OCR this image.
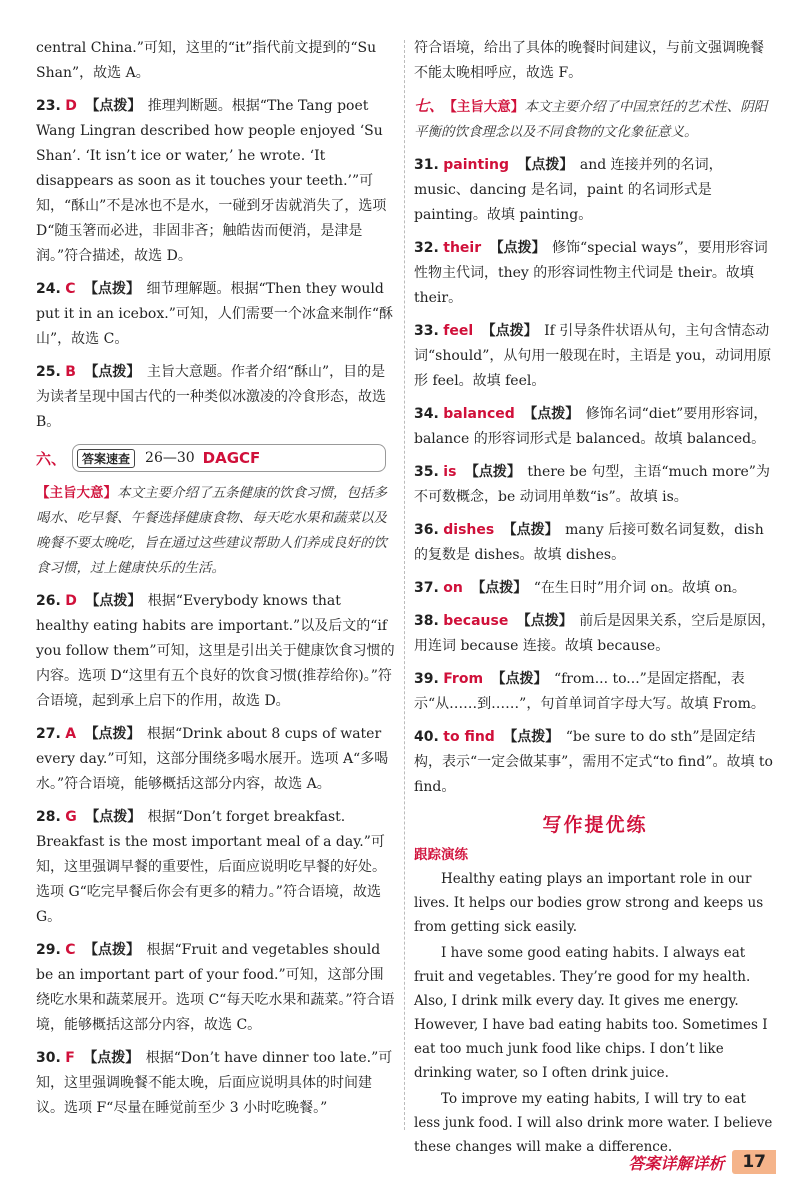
central China.”可知，这里的“it”指代前文提到的“Su Shan”，故选 A。

23. D 【点拨】 推理判断题。根据“The Tang poet Wang Lingran described how people enjoyed ‘Su Shan’. ‘It isn’t ice or water,’ he wrote. ‘It disappears as soon as it touches your teeth.’”可知，“酥山”不是冰也不是水，一碰到牙齿就消失了，选项 D“随玉箸而必进，非固非吝；触皓齿而便消，是津是润。”符合描述，故选 D。
24. C 【点拨】 细节理解题。根据“Then they would put it in an icebox.”可知，人们需要一个冰盒来制作“酥山”，故选 C。
25. B 【点拨】 主旨大意题。作者介绍“酥山”，目的是为读者呈现中国古代的一种类似冰激凌的冷食形态，故选 B。
六、	答案速查	26—30 DAGCF

【主旨大意】本文主要介绍了五条健康的饮食习惯，包括多喝水、吃早餐、午餐选择健康食物、每天吃水果和蔬菜以及晚餐不要太晚吃，旨在通过这些建议帮助人们养成良好的饮食习惯，过上健康快乐的生活。

26. D 【点拨】 根据“Everybody knows that healthy eating habits are important.”以及后文的“if you follow them”可知，这里是引出关于健康饮食习惯的内容。选项 D“这里有五个良好的饮食习惯(推荐给你)。”符合语境，起到承上启下的作用，故选 D。
27. A 【点拨】 根据“Drink about 8 cups of water every day.”可知，这部分围绕多喝水展开。选项 A“多喝水。”符合语境，能够概括这部分内容，故选 A。
28. G 【点拨】 根据“Don’t forget breakfast. Breakfast is the most important meal of a day.”可知，这里强调早餐的重要性，后面应说明吃早餐的好处。选项 G“吃完早餐后你会有更多的精力。”符合语境，故选 G。
29. C 【点拨】 根据“Fruit and vegetables should be an important part of your food.”可知，这部分围绕吃水果和蔬菜展开。选项 C“每天吃水果和蔬菜。”符合语境，能够概括这部分内容，故选 C。
30. F 【点拨】 根据“Don’t have dinner too late.”可知，这里强调晚餐不能太晚，后面应说明具体的时间建议。选项 F“尽量在睡觉前至少 3 小时吃晚餐。”

符合语境，给出了具体的晚餐时间建议，与前文强调晚餐不能太晚相呼应，故选 F。

七、 【主旨大意】本文主要介绍了中国烹饪的艺术性、阴阳平衡的饮食理念以及不同食物的文化象征意义。

31. painting 【点拨】 and 连接并列的名词，music、dancing 是名词，paint 的名词形式是 painting。故填 painting。
32. their 【点拨】 修饰“special ways”，要用形容词性物主代词，they 的形容词性物主代词是 their。故填 their。
33. feel 【点拨】 If 引导条件状语从句，主句含情态动词“should”，从句用一般现在时，主语是 you，动词用原形 feel。故填 feel。
34. balanced 【点拨】 修饰名词“diet”要用形容词，balance 的形容词形式是 balanced。故填 balanced。
35. is 【点拨】 there be 句型，主语“much more”为不可数概念，be 动词用单数“is”。故填 is。
36. dishes 【点拨】 many 后接可数名词复数，dish 的复数是 dishes。故填 dishes。
37. on 【点拨】 “在生日时”用介词 on。故填 on。
38. because 【点拨】 前后是因果关系，空后是原因，用连词 because 连接。故填 because。
39. From 【点拨】 “from... to...”是固定搭配，表示“从……到……”，句首单词首字母大写。故填 From。
40. to find 【点拨】 “be sure to do sth”是固定结构，表示“一定会做某事”，需用不定式“to find”。故填 to find。
写作提优练
跟踪演练

Healthy eating plays an important role in our lives. It helps our bodies grow strong and keeps us from getting sick easily.

I have some good eating habits. I always eat fruit and vegetables. They’re good for my health. Also, I drink milk every day. It gives me energy. However, I have bad eating habits too. Sometimes I eat too much junk food like chips. I don’t like drinking water, so I often drink juice.

To improve my eating habits, I will try to eat less junk food. I will also drink more water. I believe these changes will make a difference.

答案详解详析	17
